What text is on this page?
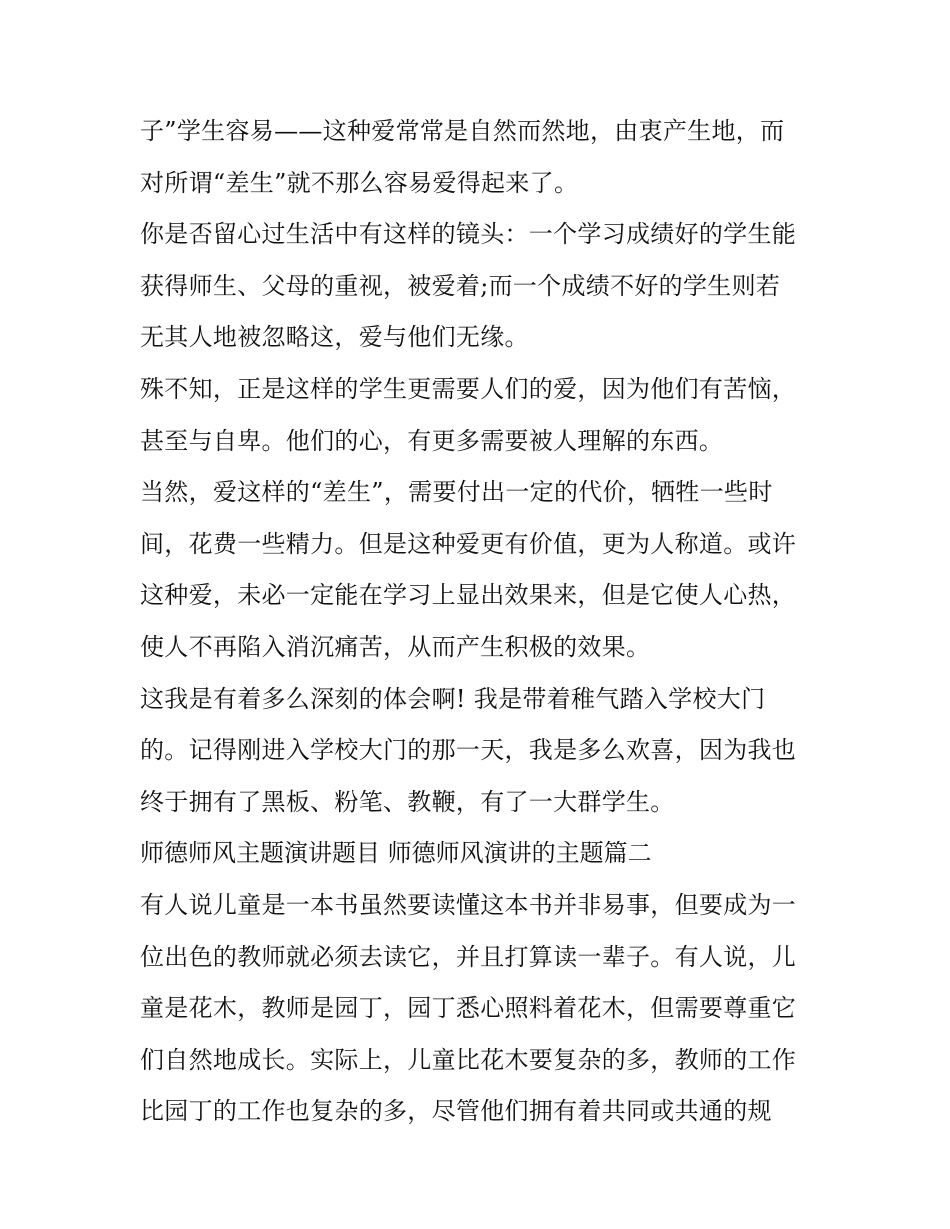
子”学生容易——这种爱常常是自然而然地，由衷产生地，而
对所谓“差生”就不那么容易爱得起来了。
你是否留心过生活中有这样的镜头：一个学习成绩好的学生能
获得师生、父母的重视，被爱着;而一个成绩不好的学生则若
无其人地被忽略这，爱与他们无缘。
殊不知，正是这样的学生更需要人们的爱，因为他们有苦恼，
甚至与自卑。他们的心，有更多需要被人理解的东西。
当然，爱这样的“差生”，需要付出一定的代价，牺牲一些时
间，花费一些精力。但是这种爱更有价值，更为人称道。或许
这种爱，未必一定能在学习上显出效果来，但是它使人心热，
使人不再陷入消沉痛苦，从而产生积极的效果。
这我是有着多么深刻的体会啊! 我是带着稚气踏入学校大门
的。记得刚进入学校大门的那一天，我是多么欢喜，因为我也
终于拥有了黑板、粉笔、教鞭，有了一大群学生。
师德师风主题演讲题目 师德师风演讲的主题篇二
有人说儿童是一本书虽然要读懂这本书并非易事，但要成为一
位出色的教师就必须去读它，并且打算读一辈子。有人说，儿
童是花木，教师是园丁，园丁悉心照料着花木，但需要尊重它
们自然地成长。实际上，儿童比花木要复杂的多，教师的工作
比园丁的工作也复杂的多，尽管他们拥有着共同或共通的规
